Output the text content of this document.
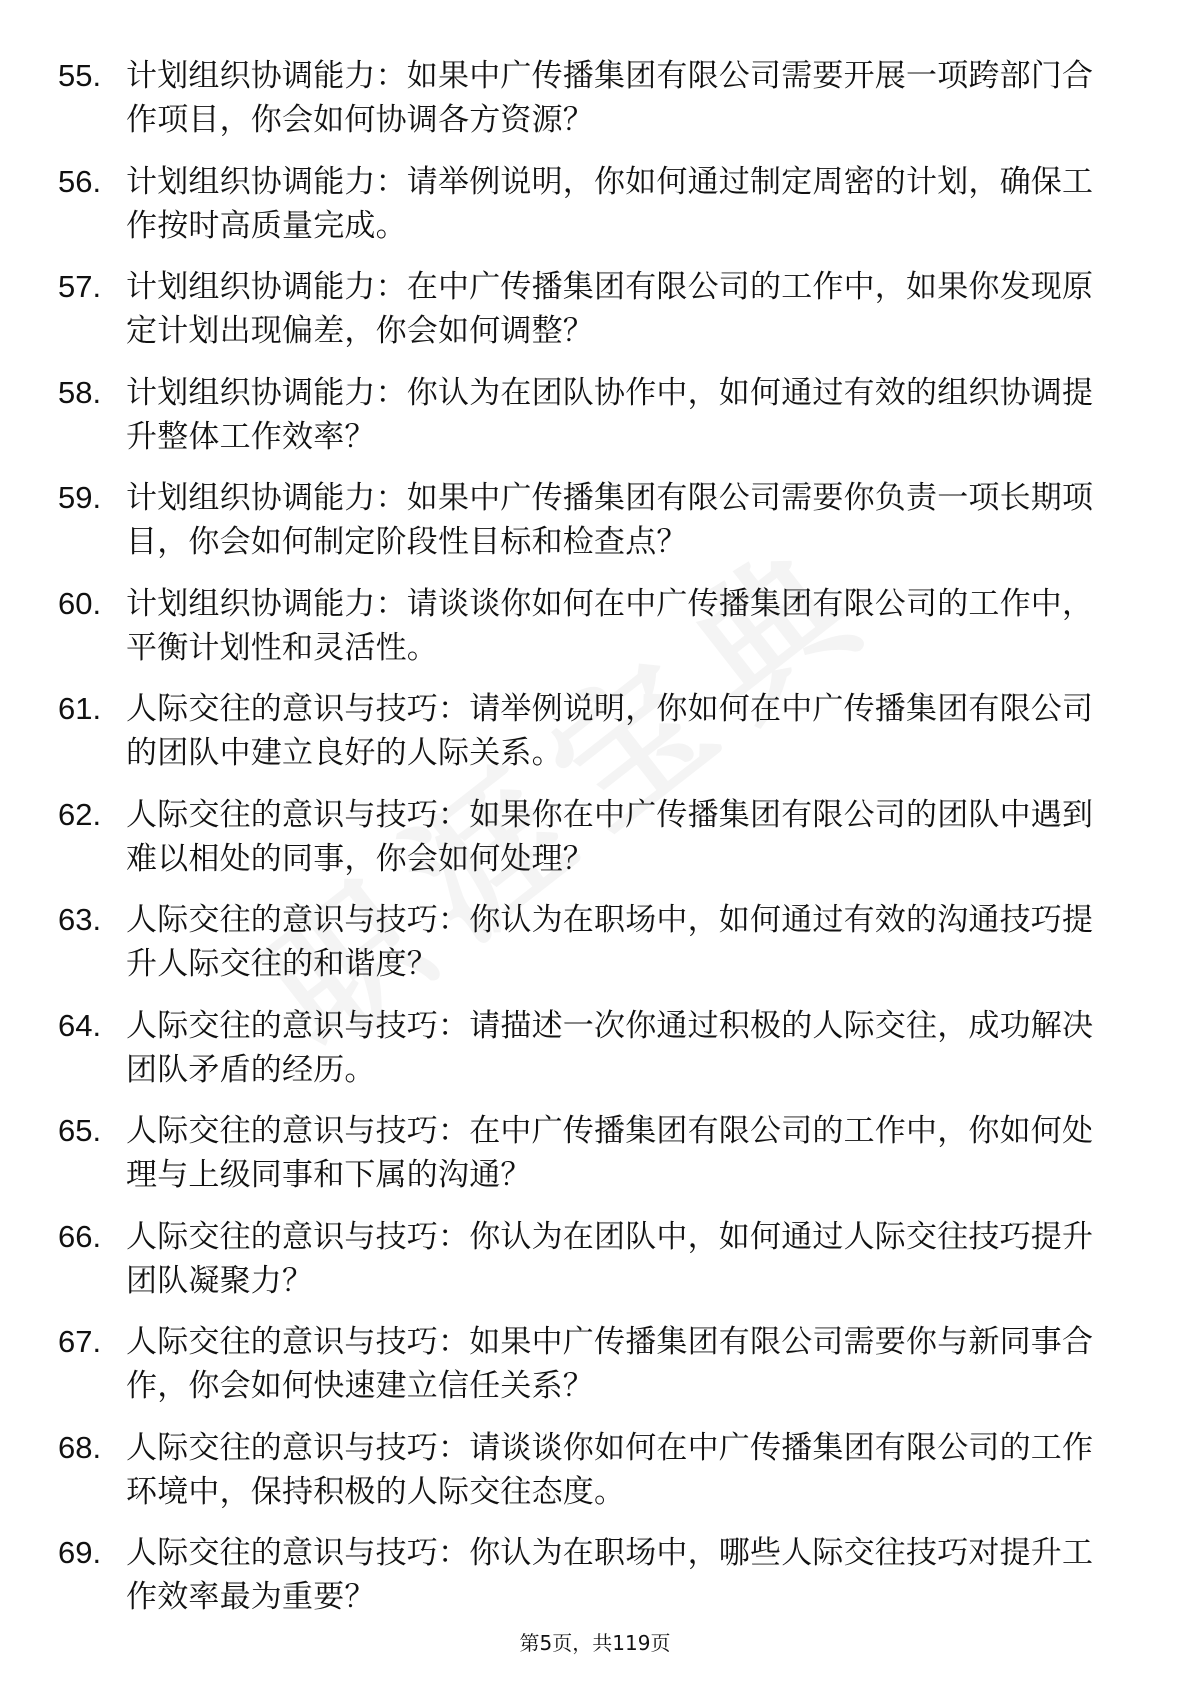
55. 计划组织协调能力：如果中广传播集团有限公司需要开展一项跨部门合作项目，你会如何协调各方资源？
56. 计划组织协调能力：请举例说明，你如何通过制定周密的计划，确保工作按时高质量完成。
57. 计划组织协调能力：在中广传播集团有限公司的工作中，如果你发现原定计划出现偏差，你会如何调整？
58. 计划组织协调能力：你认为在团队协作中，如何通过有效的组织协调提升整体工作效率？
59. 计划组织协调能力：如果中广传播集团有限公司需要你负责一项长期项目，你会如何制定阶段性目标和检查点？
60. 计划组织协调能力：请谈谈你如何在中广传播集团有限公司的工作中，平衡计划性和灵活性。
61. 人际交往的意识与技巧：请举例说明，你如何在中广传播集团有限公司的团队中建立良好的人际关系。
62. 人际交往的意识与技巧：如果你在中广传播集团有限公司的团队中遇到难以相处的同事，你会如何处理？
63. 人际交往的意识与技巧：你认为在职场中，如何通过有效的沟通技巧提升人际交往的和谐度？
64. 人际交往的意识与技巧：请描述一次你通过积极的人际交往，成功解决团队矛盾的经历。
65. 人际交往的意识与技巧：在中广传播集团有限公司的工作中，你如何处理与上级同事和下属的沟通？
66. 人际交往的意识与技巧：你认为在团队中，如何通过人际交往技巧提升团队凝聚力？
67. 人际交往的意识与技巧：如果中广传播集团有限公司需要你与新同事合作，你会如何快速建立信任关系？
68. 人际交往的意识与技巧：请谈谈你如何在中广传播集团有限公司的工作环境中，保持积极的人际交往态度。
69. 人际交往的意识与技巧：你认为在职场中，哪些人际交往技巧对提升工作效率最为重要？
第5页，共119页
